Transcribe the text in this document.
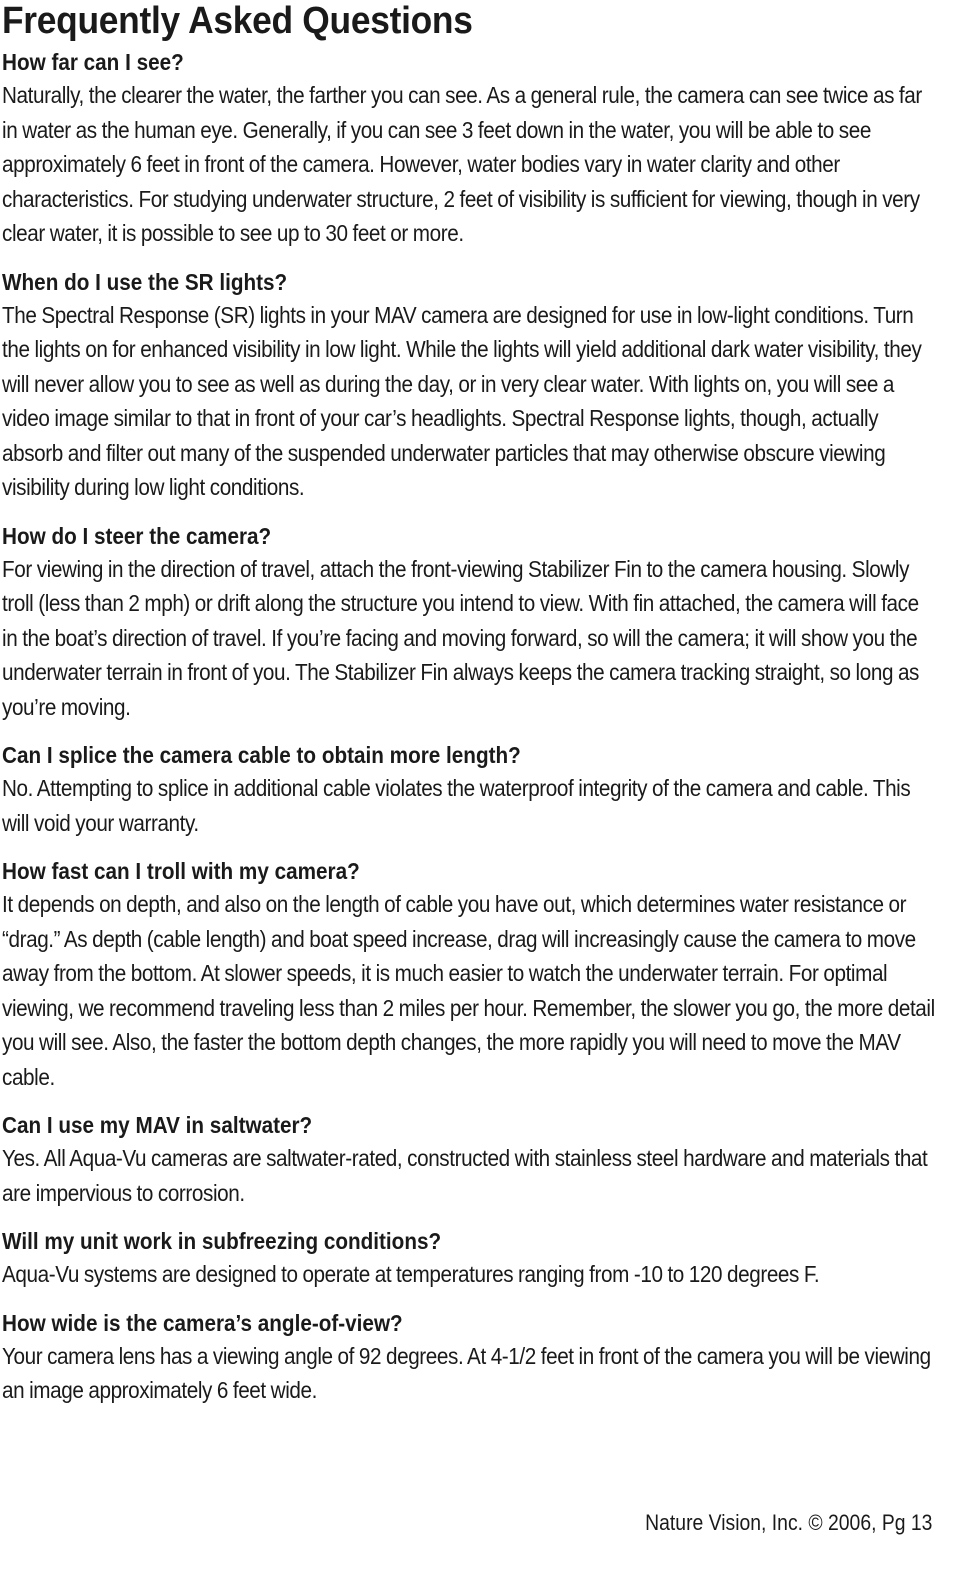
Frequently Asked Questions
How far can I see?

Naturally, the clearer the water, the farther you can see. As a general rule, the camera can see twice as far in water as the human eye. Generally, if you can see 3 feet down in the water, you will be able to see approximately 6 feet in front of the camera. However, water bodies vary in water clarity and other characteristics. For studying underwater structure, 2 feet of visibility is sufficient for viewing, though in very clear water, it is possible to see up to 30 feet or more.

When do I use the SR lights?

The Spectral Response (SR) lights in your MAV camera are designed for use in low-light conditions. Turn the lights on for enhanced visibility in low light. While the lights will yield additional dark water visibility, they will never allow you to see as well as during the day, or in very clear water. With lights on, you will see a video image similar to that in front of your car’s headlights. Spectral Response lights, though, actually absorb and filter out many of the suspended underwater particles that may otherwise obscure viewing visibility during low light conditions.

How do I steer the camera?

For viewing in the direction of travel, attach the front-viewing Stabilizer Fin to the camera housing. Slowly troll (less than 2 mph) or drift along the structure you intend to view. With fin attached, the camera will face in the boat’s direction of travel. If you’re facing and moving forward, so will the camera; it will show you the underwater terrain in front of you. The Stabilizer Fin always keeps the camera tracking straight, so long as you’re moving.

Can I splice the camera cable to obtain more length?

No. Attempting to splice in additional cable violates the waterproof integrity of the camera and cable. This will void your warranty.

How fast can I troll with my camera?

It depends on depth, and also on the length of cable you have out, which determines water resistance or “drag.” As depth (cable length) and boat speed increase, drag will increasingly cause the camera to move away from the bottom. At slower speeds, it is much easier to watch the underwater terrain. For optimal viewing, we recommend traveling less than 2 miles per hour. Remember, the slower you go, the more detail you will see. Also, the faster the bottom depth changes, the more rapidly you will need to move the MAV cable.

Can I use my MAV in saltwater?

Yes. All Aqua-Vu cameras are saltwater-rated, constructed with stainless steel hardware and materials that are impervious to corrosion.

Will my unit work in subfreezing conditions?

Aqua-Vu systems are designed to operate at temperatures ranging from -10 to 120 degrees F.

How wide is the camera’s angle-of-view?

Your camera lens has a viewing angle of 92 degrees. At 4-1/2 feet in front of the camera you will be viewing an image approximately 6 feet wide.

Nature Vision, Inc. © 2006, Pg 13
